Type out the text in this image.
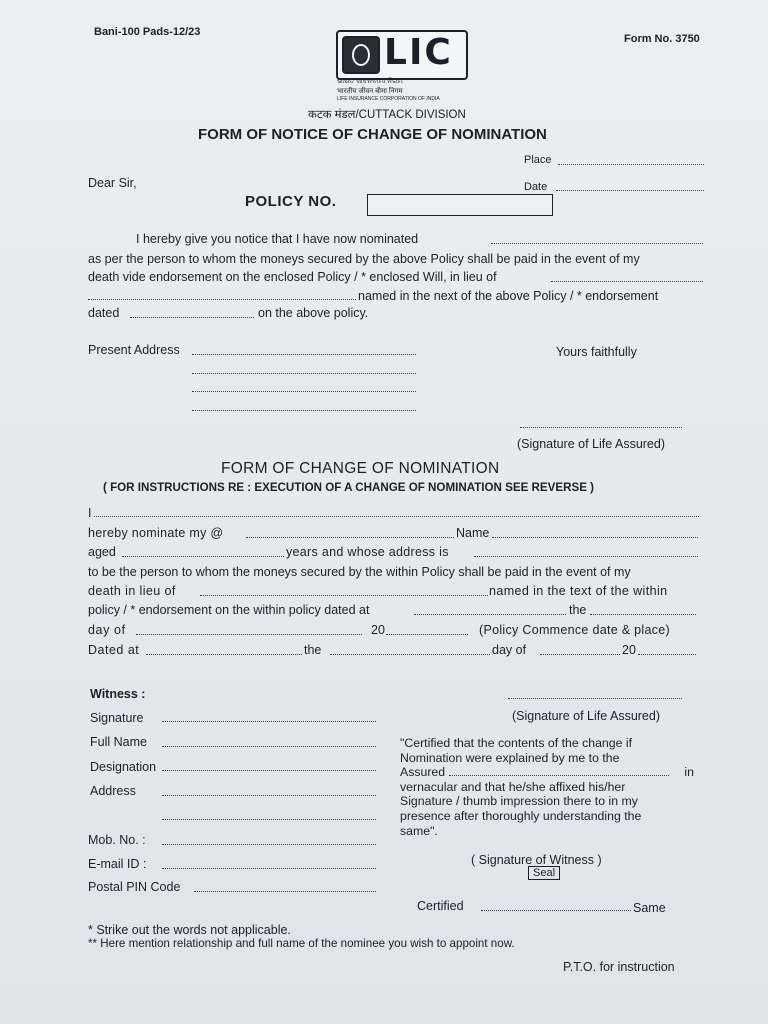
Bani-100 Pads-12/23
Form No. 3750
LIC
ଭାରତ ଜୀବନବୀମା ନିଗମ
भारतीय जीवन बीमा निगम
LIFE INSURANCE CORPORATION OF INDIA
कटक मंडल/CUTTACK DIVISION
FORM OF NOTICE OF CHANGE OF NOMINATION
Place
Date
Dear Sir,
POLICY NO.
I hereby give you notice that I have now nominated
as per the person to whom the moneys secured by the above Policy shall be paid in the event of my
death vide endorsement on the enclosed Policy / * enclosed Will, in lieu of
named in the next of the above Policy / * endorsement
dated	on the above policy.
Present Address	Yours faithfully
(Signature of Life Assured)
FORM OF CHANGE OF NOMINATION
( FOR INSTRUCTIONS RE : EXECUTION OF A CHANGE OF NOMINATION SEE REVERSE )
I
hereby nominate my @	Name
aged	years and whose address is
to be the person to whom the moneys secured by the within Policy shall be paid in the event of my
death in lieu of	named in the text of the within
policy / * endorsement on the within policy dated at	the
day of	20	(Policy Commence date & place)
Dated at	the	day of	20
Witness :
Signature	(Signature of Life Assured)
Full Name
Designation
Address
Mob. No. :
E-mail ID :
Postal PIN Code
"Certified that the contents of the change if
Nomination were explained by me to the
Assured	in
vernacular and that he/she affixed his/her
Signature / thumb impression there to in my
presence after thoroughly understanding the
same".
( Signature of Witness )
Seal
Certified	Same
* Strike out the words not applicable.
** Here mention relationship and full name of the nominee you wish to appoint now.
P.T.O. for instruction
